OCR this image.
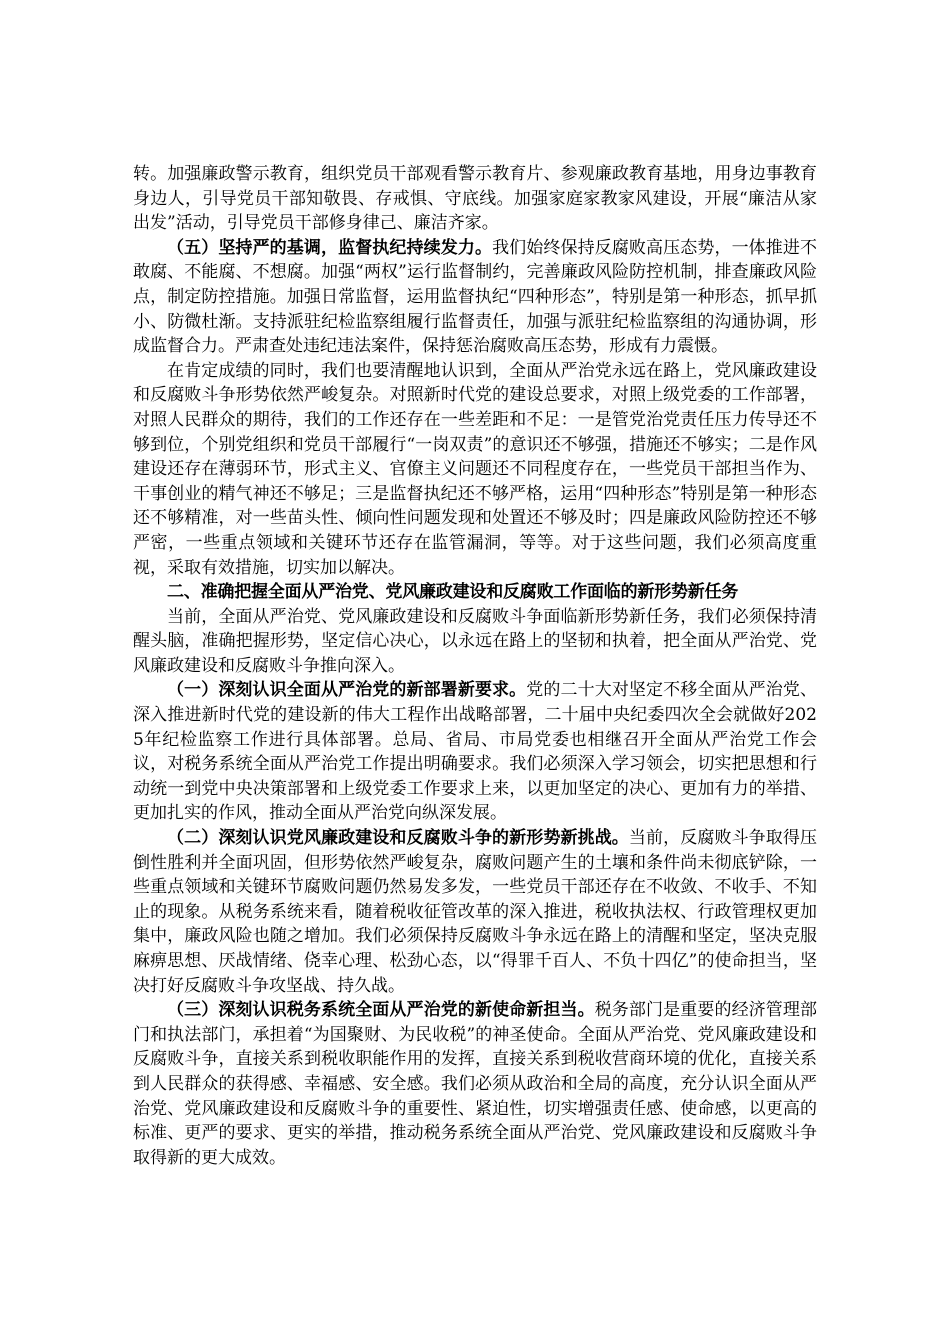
转。加强廉政警示教育，组织党员干部观看警示教育片、参观廉政教育基地，用身边事教育身边人，引导党员干部知敬畏、存戒惧、守底线。加强家庭家教家风建设，开展“廉洁从家出发”活动，引导党员干部修身律己、廉洁齐家。

（五）坚持严的基调，监督执纪持续发力。我们始终保持反腐败高压态势，一体推进不敢腐、不能腐、不想腐。加强“两权”运行监督制约，完善廉政风险防控机制，排查廉政风险点，制定防控措施。加强日常监督，运用监督执纪“四种形态”，特别是第一种形态，抓早抓小、防微杜渐。支持派驻纪检监察组履行监督责任，加强与派驻纪检监察组的沟通协调，形成监督合力。严肃查处违纪违法案件，保持惩治腐败高压态势，形成有力震慑。

在肯定成绩的同时，我们也要清醒地认识到，全面从严治党永远在路上，党风廉政建设和反腐败斗争形势依然严峻复杂。对照新时代党的建设总要求，对照上级党委的工作部署，对照人民群众的期待，我们的工作还存在一些差距和不足：一是管党治党责任压力传导还不够到位，个别党组织和党员干部履行“一岗双责”的意识还不够强，措施还不够实；二是作风建设还存在薄弱环节，形式主义、官僚主义问题还不同程度存在，一些党员干部担当作为、干事创业的精气神还不够足；三是监督执纪还不够严格，运用“四种形态”特别是第一种形态还不够精准，对一些苗头性、倾向性问题发现和处置还不够及时；四是廉政风险防控还不够严密，一些重点领域和关键环节还存在监管漏洞，等等。对于这些问题，我们必须高度重视，采取有效措施，切实加以解决。

二、准确把握全面从严治党、党风廉政建设和反腐败工作面临的新形势新任务

当前，全面从严治党、党风廉政建设和反腐败斗争面临新形势新任务，我们必须保持清醒头脑，准确把握形势，坚定信心决心，以永远在路上的坚韧和执着，把全面从严治党、党风廉政建设和反腐败斗争推向深入。

（一）深刻认识全面从严治党的新部署新要求。党的二十大对坚定不移全面从严治党、深入推进新时代党的建设新的伟大工程作出战略部署，二十届中央纪委四次全会就做好2025年纪检监察工作进行具体部署。总局、省局、市局党委也相继召开全面从严治党工作会议，对税务系统全面从严治党工作提出明确要求。我们必须深入学习领会，切实把思想和行动统一到党中央决策部署和上级党委工作要求上来，以更加坚定的决心、更加有力的举措、更加扎实的作风，推动全面从严治党向纵深发展。

（二）深刻认识党风廉政建设和反腐败斗争的新形势新挑战。当前，反腐败斗争取得压倒性胜利并全面巩固，但形势依然严峻复杂，腐败问题产生的土壤和条件尚未彻底铲除，一些重点领域和关键环节腐败问题仍然易发多发，一些党员干部还存在不收敛、不收手、不知止的现象。从税务系统来看，随着税收征管改革的深入推进，税收执法权、行政管理权更加集中，廉政风险也随之增加。我们必须保持反腐败斗争永远在路上的清醒和坚定，坚决克服麻痹思想、厌战情绪、侥幸心理、松劲心态，以“得罪千百人、不负十四亿”的使命担当，坚决打好反腐败斗争攻坚战、持久战。

（三）深刻认识税务系统全面从严治党的新使命新担当。税务部门是重要的经济管理部门和执法部门，承担着“为国聚财、为民收税”的神圣使命。全面从严治党、党风廉政建设和反腐败斗争，直接关系到税收职能作用的发挥，直接关系到税收营商环境的优化，直接关系到人民群众的获得感、幸福感、安全感。我们必须从政治和全局的高度，充分认识全面从严治党、党风廉政建设和反腐败斗争的重要性、紧迫性，切实增强责任感、使命感，以更高的标准、更严的要求、更实的举措，推动税务系统全面从严治党、党风廉政建设和反腐败斗争取得新的更大成效。
